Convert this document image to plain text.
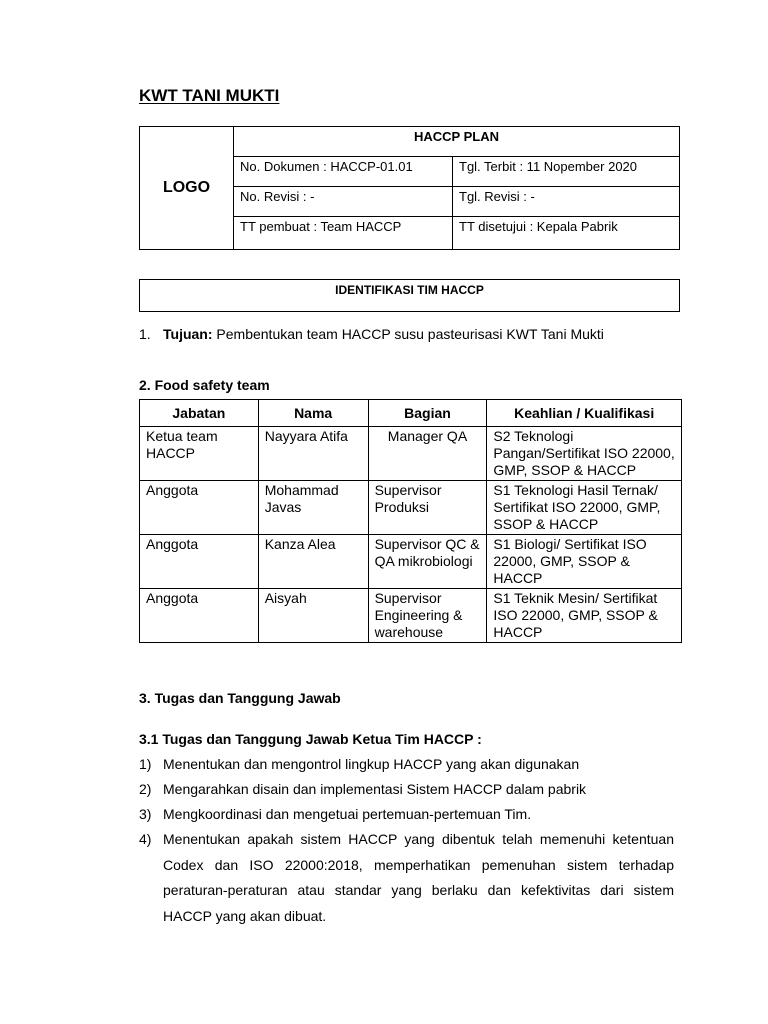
KWT TANI MUKTI
LOGO
HACCP PLAN
No. Dokumen : HACCP-01.01	Tgl. Terbit : 11 Nopember 2020
No. Revisi : -	Tgl. Revisi : -
TT pembuat : Team HACCP	TT disetujui : Kepala Pabrik
IDENTIFIKASI TIM HACCP
1. Tujuan: Pembentukan team HACCP susu pasteurisasi KWT Tani Mukti
2. Food safety team
Jabatan	Nama	Bagian	Keahlian / Kualifikasi
Ketua team HACCP	Nayyara Atifa	Manager QA	S2 Teknologi Pangan/Sertifikat ISO 22000, GMP, SSOP & HACCP
Anggota	Mohammad Javas	Supervisor Produksi	S1 Teknologi Hasil Ternak/ Sertifikat ISO 22000, GMP, SSOP & HACCP
Anggota	Kanza Alea	Supervisor QC & QA mikrobiologi	S1 Biologi/ Sertifikat ISO 22000, GMP, SSOP & HACCP
Anggota	Aisyah	Supervisor Engineering & warehouse	S1 Teknik Mesin/ Sertifikat ISO 22000, GMP, SSOP & HACCP
3. Tugas dan Tanggung Jawab
3.1 Tugas dan Tanggung Jawab Ketua Tim HACCP :
1) Menentukan dan mengontrol lingkup HACCP yang akan digunakan
2) Mengarahkan disain dan implementasi Sistem HACCP dalam pabrik
3) Mengkoordinasi dan mengetuai pertemuan-pertemuan Tim.
4) Menentukan apakah sistem HACCP yang dibentuk telah memenuhi ketentuan Codex dan ISO 22000:2018, memperhatikan pemenuhan sistem terhadap peraturan-peraturan atau standar yang berlaku dan kefektivitas dari sistem HACCP yang akan dibuat.
